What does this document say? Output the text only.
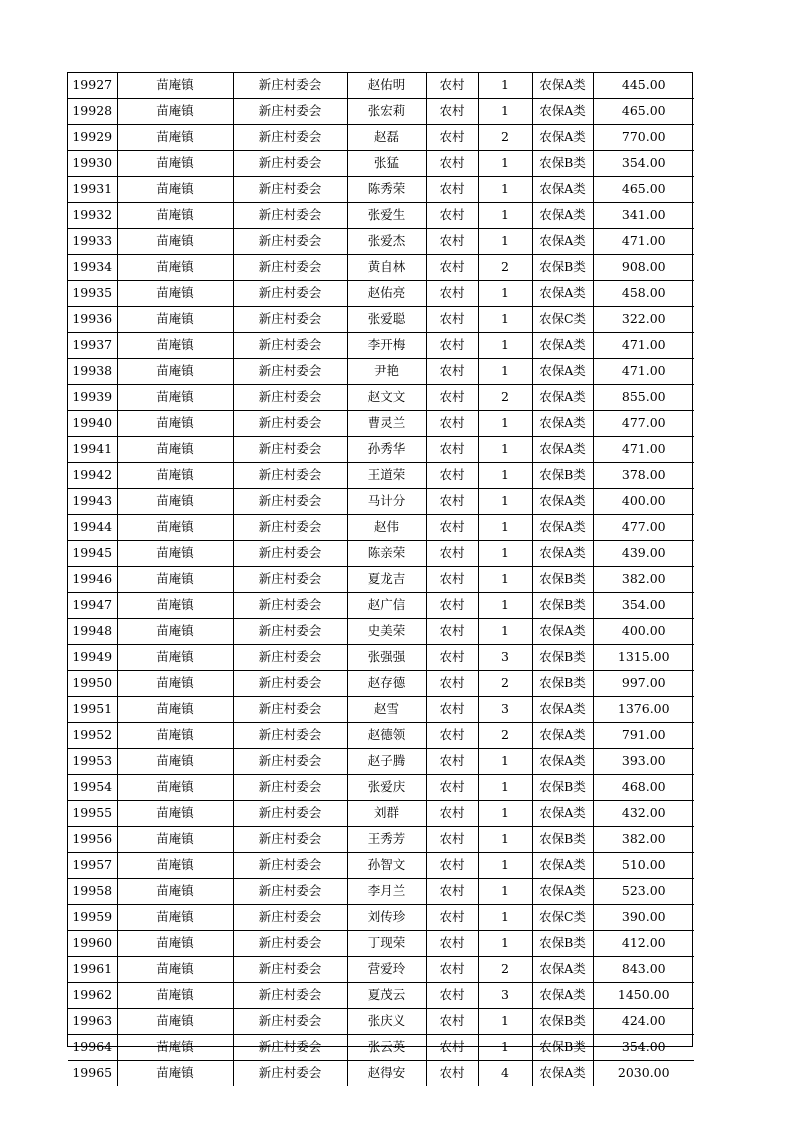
19927	苗庵镇	新庄村委会	赵佑明	农村	1	农保A类	445.00
19928	苗庵镇	新庄村委会	张宏莉	农村	1	农保A类	465.00
19929	苗庵镇	新庄村委会	赵磊	农村	2	农保A类	770.00
19930	苗庵镇	新庄村委会	张猛	农村	1	农保B类	354.00
19931	苗庵镇	新庄村委会	陈秀荣	农村	1	农保A类	465.00
19932	苗庵镇	新庄村委会	张爱生	农村	1	农保A类	341.00
19933	苗庵镇	新庄村委会	张爱杰	农村	1	农保A类	471.00
19934	苗庵镇	新庄村委会	黄自林	农村	2	农保B类	908.00
19935	苗庵镇	新庄村委会	赵佑亮	农村	1	农保A类	458.00
19936	苗庵镇	新庄村委会	张爱聪	农村	1	农保C类	322.00
19937	苗庵镇	新庄村委会	李开梅	农村	1	农保A类	471.00
19938	苗庵镇	新庄村委会	尹艳	农村	1	农保A类	471.00
19939	苗庵镇	新庄村委会	赵文文	农村	2	农保A类	855.00
19940	苗庵镇	新庄村委会	曹灵兰	农村	1	农保A类	477.00
19941	苗庵镇	新庄村委会	孙秀华	农村	1	农保A类	471.00
19942	苗庵镇	新庄村委会	王道荣	农村	1	农保B类	378.00
19943	苗庵镇	新庄村委会	马计分	农村	1	农保A类	400.00
19944	苗庵镇	新庄村委会	赵伟	农村	1	农保A类	477.00
19945	苗庵镇	新庄村委会	陈亲荣	农村	1	农保A类	439.00
19946	苗庵镇	新庄村委会	夏龙吉	农村	1	农保B类	382.00
19947	苗庵镇	新庄村委会	赵广信	农村	1	农保B类	354.00
19948	苗庵镇	新庄村委会	史美荣	农村	1	农保A类	400.00
19949	苗庵镇	新庄村委会	张强强	农村	3	农保B类	1315.00
19950	苗庵镇	新庄村委会	赵存德	农村	2	农保B类	997.00
19951	苗庵镇	新庄村委会	赵雪	农村	3	农保A类	1376.00
19952	苗庵镇	新庄村委会	赵德领	农村	2	农保A类	791.00
19953	苗庵镇	新庄村委会	赵子腾	农村	1	农保A类	393.00
19954	苗庵镇	新庄村委会	张爱庆	农村	1	农保B类	468.00
19955	苗庵镇	新庄村委会	刘群	农村	1	农保A类	432.00
19956	苗庵镇	新庄村委会	王秀芳	农村	1	农保B类	382.00
19957	苗庵镇	新庄村委会	孙智文	农村	1	农保A类	510.00
19958	苗庵镇	新庄村委会	李月兰	农村	1	农保A类	523.00
19959	苗庵镇	新庄村委会	刘传珍	农村	1	农保C类	390.00
19960	苗庵镇	新庄村委会	丁现荣	农村	1	农保B类	412.00
19961	苗庵镇	新庄村委会	营爱玲	农村	2	农保A类	843.00
19962	苗庵镇	新庄村委会	夏茂云	农村	3	农保A类	1450.00
19963	苗庵镇	新庄村委会	张庆义	农村	1	农保B类	424.00
19964	苗庵镇	新庄村委会	张云英	农村	1	农保B类	354.00
19965	苗庵镇	新庄村委会	赵得安	农村	4	农保A类	2030.00
